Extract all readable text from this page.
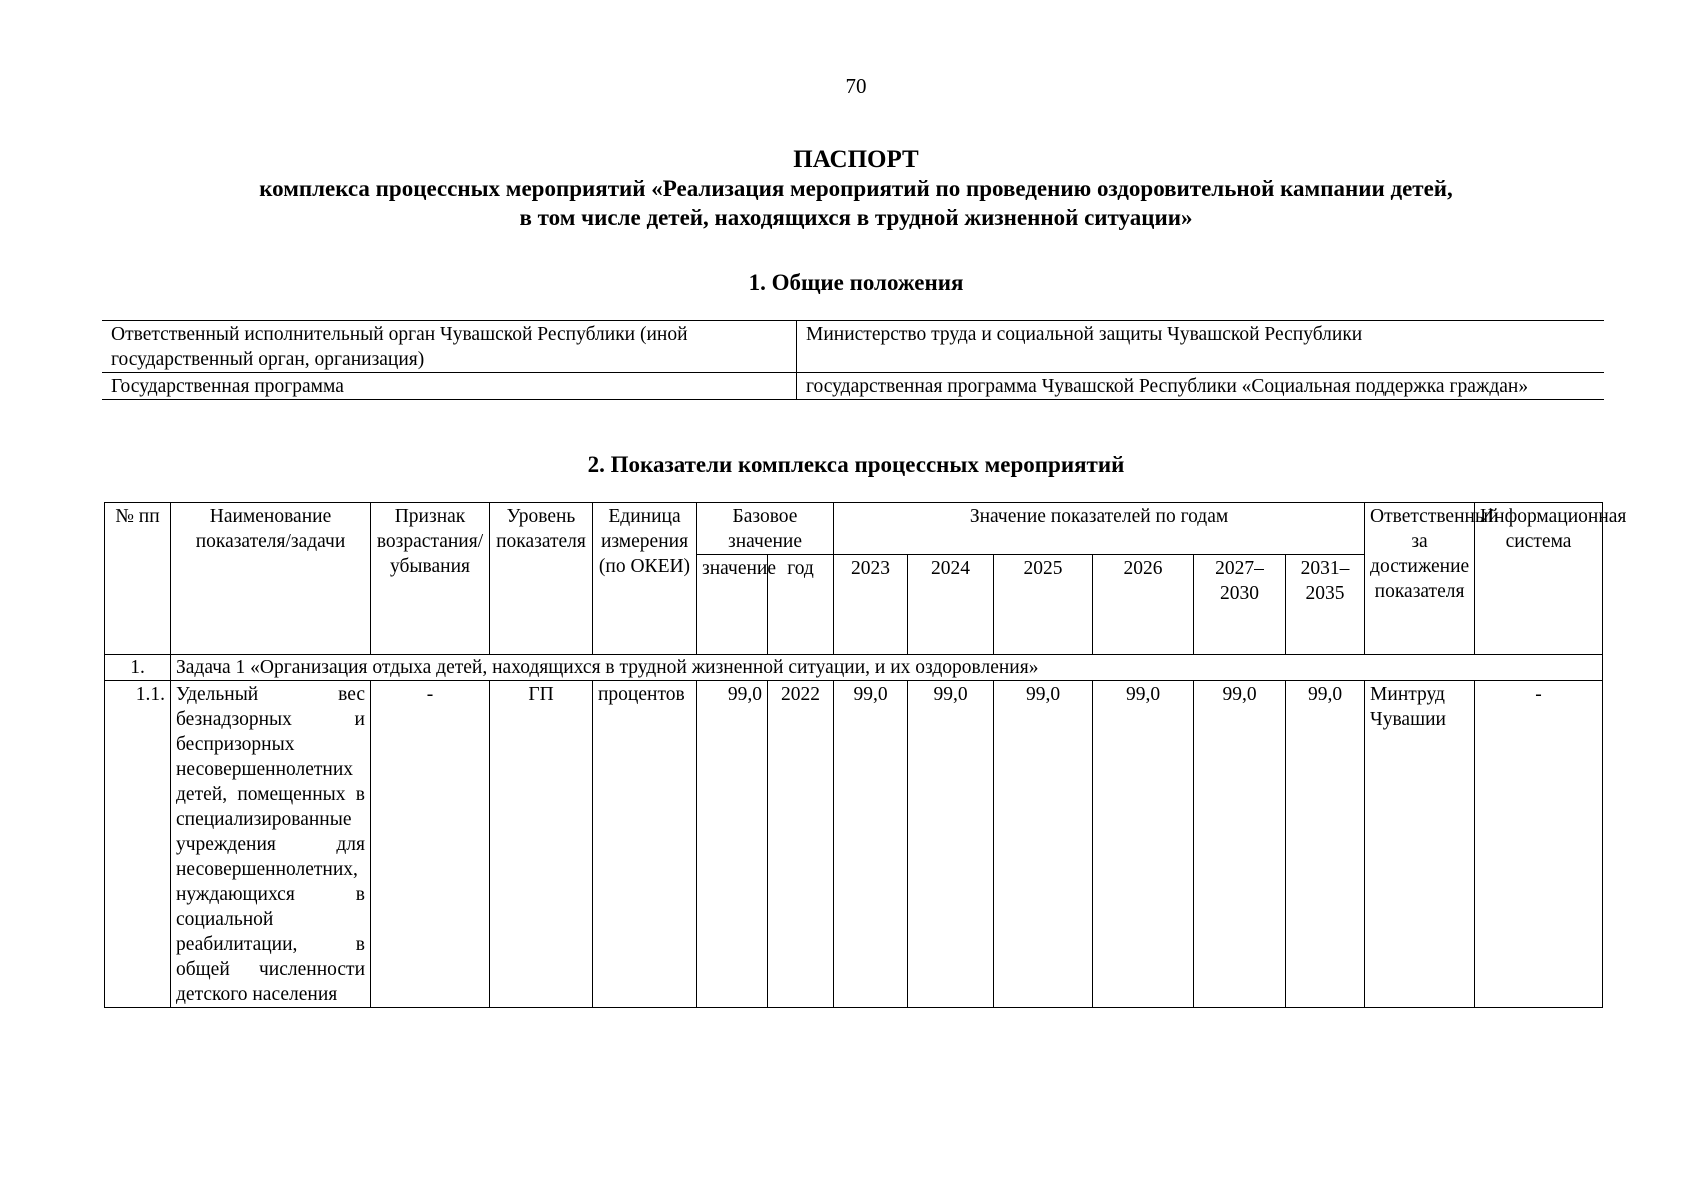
70
ПАСПОРТ
комплекса процессных мероприятий «Реализация мероприятий по проведению оздоровительной кампании детей,
в том числе детей, находящихся в трудной жизненной ситуации»
1. Общие положения
Ответственный исполнительный орган Чувашской Республики (иной государственный орган, организация)	Министерство труда и социальной защиты Чувашской Республики
Государственная программа	государственная программа Чувашской Республики «Социальная поддержка граждан»
2. Показатели комплекса процессных мероприятий
№ пп	Наименование показателя/задачи	Признак возрастания/убывания	Уровень показателя	Единица измерения (по ОКЕИ)	Базовое значение		Значение показателей по годам						Ответственный за достижение показателя	Информационная система
					значение	год	2023	2024	2025	2026	2027–2030	2031–2035		
1.	Задача 1 «Организация отдыха детей, находящихся в трудной жизненной ситуации, и их оздоровления»													
1.1.	Удельный вес безнадзорных и беспризорных несовершеннолетних детей, помещенных в специализированные учреждения для несовершеннолетних, нуждающихся в социальной реабилитации, в общей численности детского населения	-	ГП	процентов	99,0	2022	99,0	99,0	99,0	99,0	99,0	99,0	Минтруд Чувашии	-
